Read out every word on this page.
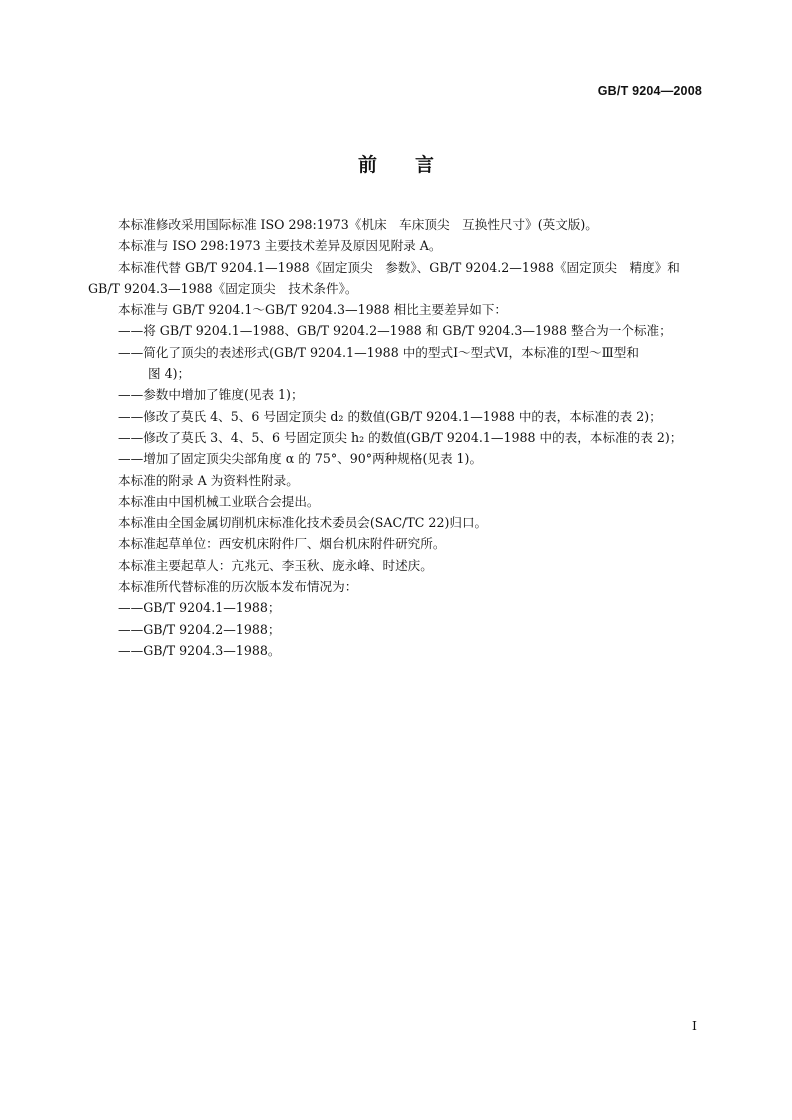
GB/T 9204—2008
前言

本标准修改采用国际标准 ISO 298:1973《机床　车床顶尖　互换性尺寸》(英文版)。

本标准与 ISO 298:1973 主要技术差异及原因见附录 A。

本标准代替 GB/T 9204.1—1988《固定顶尖　参数》、GB/T 9204.2—1988《固定顶尖　精度》和 GB/T 9204.3—1988《固定顶尖　技术条件》。

本标准与 GB/T 9204.1～GB/T 9204.3—1988 相比主要差异如下：

——将 GB/T 9204.1—1988、GB/T 9204.2—1988 和 GB/T 9204.3—1988 整合为一个标准；

——简化了顶尖的表述形式(GB/T 9204.1—1988 中的型式Ⅰ～型式Ⅵ，本标准的Ⅰ型～Ⅲ型和
图 4)；

——参数中增加了锥度(见表 1)；

——修改了莫氏 4、5、6 号固定顶尖 d₂ 的数值(GB/T 9204.1—1988 中的表，本标准的表 2)；

——修改了莫氏 3、4、5、6 号固定顶尖 h₂ 的数值(GB/T 9204.1—1988 中的表，本标准的表 2)；

——增加了固定顶尖尖部角度 α 的 75°、90°两种规格(见表 1)。

本标准的附录 A 为资料性附录。

本标准由中国机械工业联合会提出。

本标准由全国金属切削机床标准化技术委员会(SAC/TC 22)归口。

本标准起草单位：西安机床附件厂、烟台机床附件研究所。

本标准主要起草人：亢兆元、李玉秋、庞永峰、时述庆。

本标准所代替标准的历次版本发布情况为：

——GB/T 9204.1—1988；

——GB/T 9204.2—1988；

——GB/T 9204.3—1988。

I
